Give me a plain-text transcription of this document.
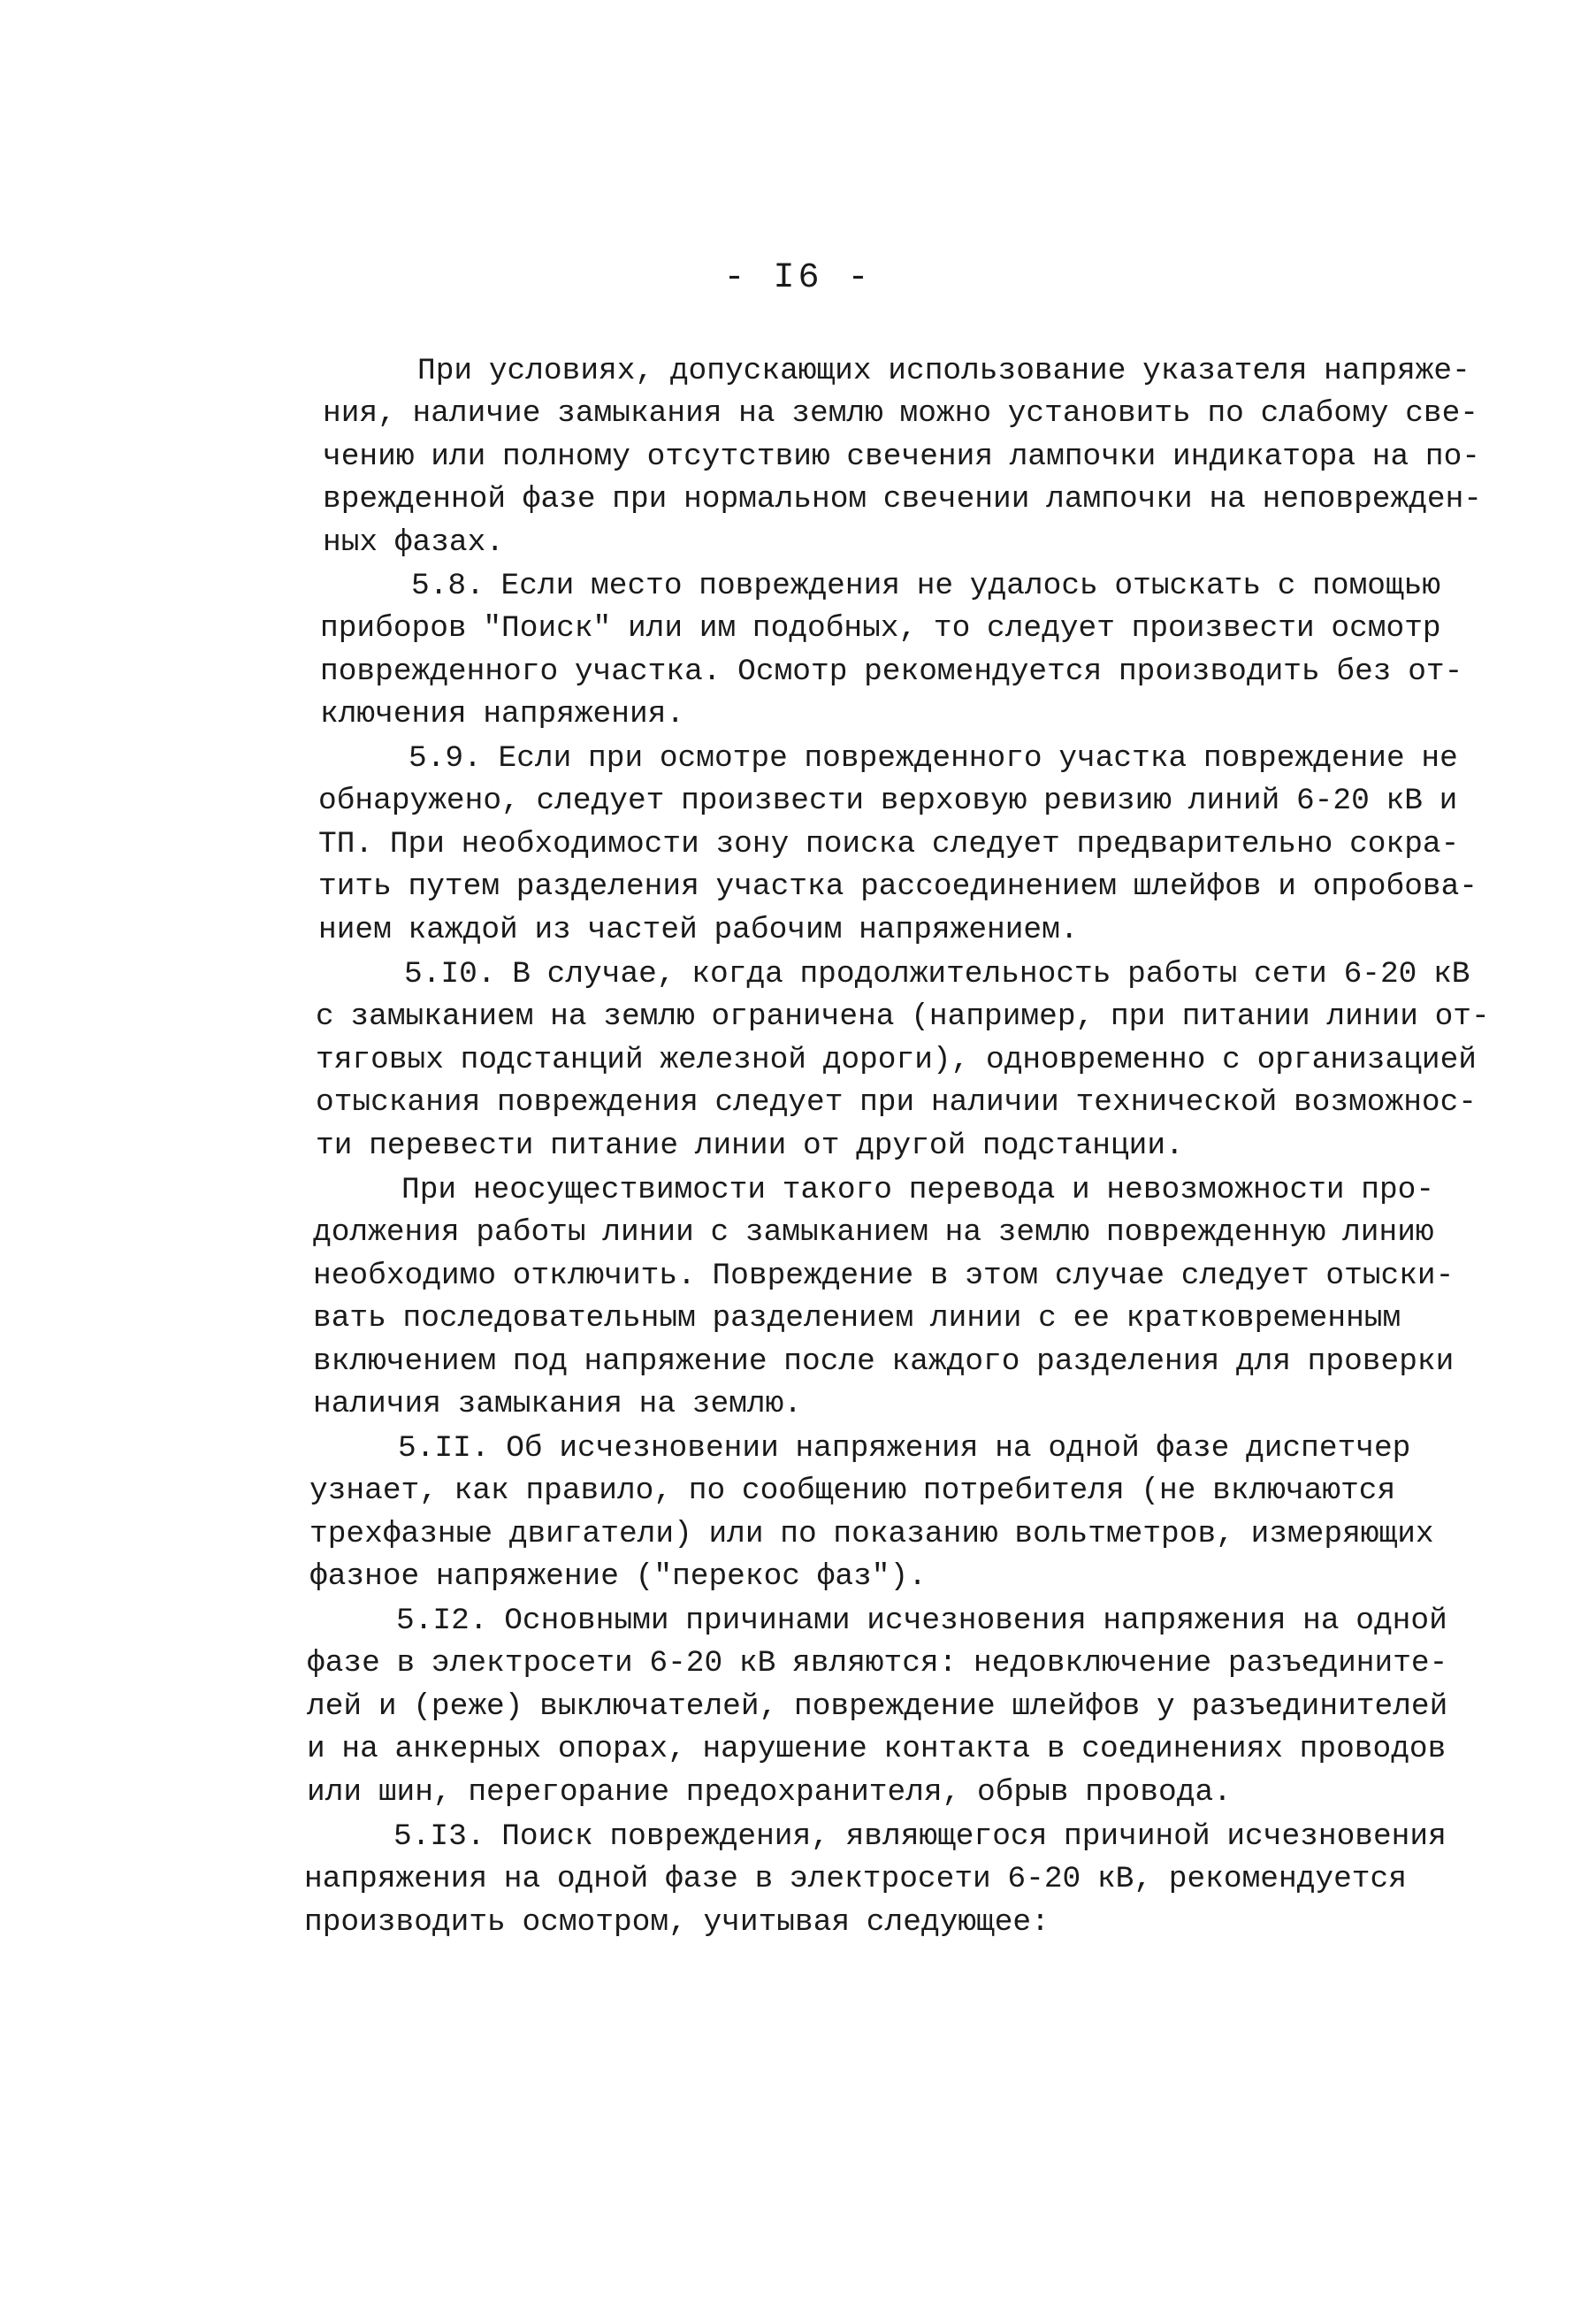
- I6 -
При условиях, допускающих использование указателя напряже-
ния, наличие замыкания на землю можно установить по слабому све-
чению или полному отсутствию свечения лампочки индикатора на по-
врежденной фазе при нормальном свечении лампочки на неповрежден-
ных фазах.
5.8. Если место повреждения не удалось отыскать с помощью
приборов "Поиск" или им подобных, то следует произвести осмотр
поврежденного участка. Осмотр рекомендуется производить без от-
ключения напряжения.
5.9. Если при осмотре поврежденного участка повреждение не
обнаружено, следует произвести верховую ревизию линий 6-20 кВ и
ТП. При необходимости зону поиска следует предварительно сокра-
тить путем разделения участка рассоединением шлейфов и опробова-
нием каждой из частей рабочим напряжением.
5.I0. В случае, когда продолжительность работы сети 6-20 кВ
с замыканием на землю ограничена (например, при питании линии от-
тяговых подстанций железной дороги), одновременно с организацией
отыскания повреждения следует при наличии технической возможнос-
ти перевести питание линии от другой подстанции.
При неосуществимости такого перевода и невозможности про-
должения работы линии с замыканием на землю поврежденную линию
необходимо отключить. Повреждение в этом случае следует отыски-
вать последовательным разделением линии с ее кратковременным
включением под напряжение после каждого разделения для проверки
наличия замыкания на землю.
5.II. Об исчезновении напряжения на одной фазе диспетчер
узнает, как правило, по сообщению потребителя (не включаются
трехфазные двигатели) или по показанию вольтметров, измеряющих
фазное напряжение ("перекос фаз").
5.I2. Основными причинами исчезновения напряжения на одной
фазе в электросети 6-20 кВ являются: недовключение разъедините-
лей и (реже) выключателей, повреждение шлейфов у разъединителей
и на анкерных опорах, нарушение контакта в соединениях проводов
или шин, перегорание предохранителя, обрыв провода.
5.I3. Поиск повреждения, являющегося причиной исчезновения
напряжения на одной фазе в электросети 6-20 кВ, рекомендуется
производить осмотром, учитывая следующее:
